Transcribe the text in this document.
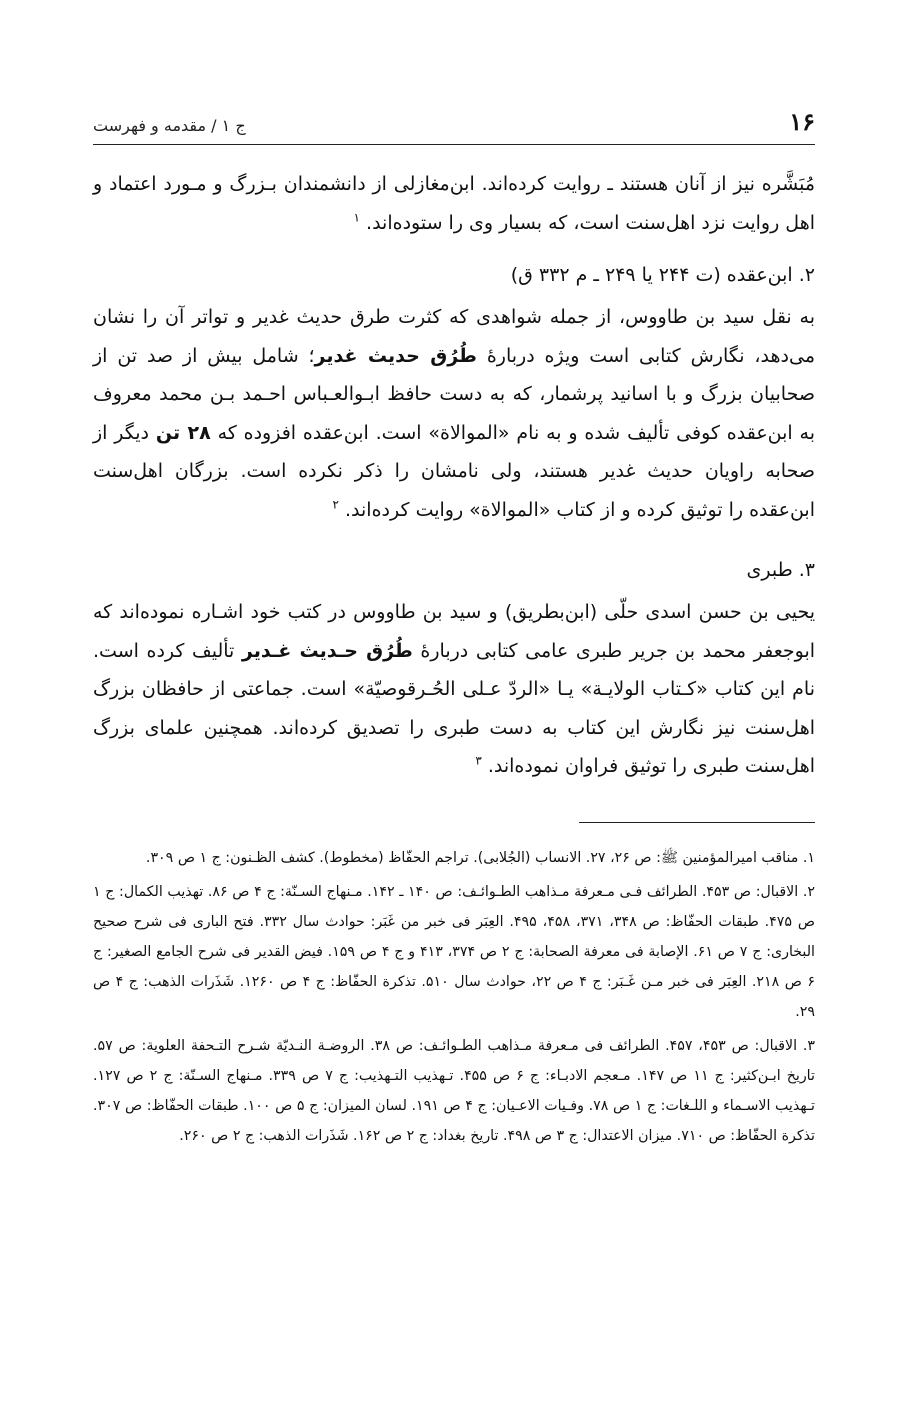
۱۶
ج ۱ / مقدمه و فهرست

مُبَشَّره نیز از آنان هستند ـ روایت کرده‌اند. ابن‌مغازلی از دانشمندان بـزرگ و مـورد اعتماد و اهل روایت نزد اهل‌سنت است، که بسیار وی را ستوده‌اند. $^۱$

۲. ابن‌عقده (ت ۲۴۴ یا ۲۴۹ ـ م ۳۳۲ ق)

به نقل سید بن طاووس، از جمله شواهدی که کثرت طرق حدیث غدیر و تواتر آن را نشان می‌دهد، نگارش کتابی است ویژه دربارهٔ طُرُق حدیث غدیر؛ شامل بیش از صد تن از صحابیان بزرگ و با اسانید پرشمار، که به دست حافظ ابـوالعـباس احـمد بـن محمد معروف به ابن‌عقده کوفی تألیف شده و به نام «الموالاة» است. ابن‌عقده افزوده که ۲۸ تن دیگر از صحابه راویان حدیث غدیر هستند، ولی نامشان را ذکر نکرده است. بزرگان اهل‌سنت ابن‌عقده را توثیق کرده و از کتاب «الموالاة» روایت کرده‌اند. $^۲$

۳. طبری

یحیی بن حسن اسدی حلّی (ابن‌بطریق) و سید بن طاووس در کتب خود اشـاره نموده‌اند که ابوجعفر محمد بن جریر طبری عامی کتابی دربارهٔ طُرُق حـدیث غـدیر تألیف کرده است. نام این کتاب «کـتاب الولایـة» یـا «الردّ عـلی الحُـرقوصیّة» است. جماعتی از حافظان بزرگ اهل‌سنت نیز نگارش این کتاب به دست طبری را تصدیق کرده‌اند. همچنین علمای بزرگ اهل‌سنت طبری را توثیق فراوان نموده‌اند. $^۳$

۱. مناقب امیرالمؤمنین ﷺ: ص ۲۶، ۲۷. الانساب (الجُلابی). تراجم الحفّاظ (مخطوط). کشف الظـنون: ج ۱ ص ۳۰۹.

۲. الاقبال: ص ۴۵۳. الطرائف فـی مـعرفة مـذاهب الطـوائـف: ص ۱۴۰ ـ ۱۴۲. مـنهاج السـنّة: ج ۴ ص ۸۶. تهذیب الکمال: ج ۱ ص ۴۷۵. طبقات الحفّاظ: ص ۳۴۸، ۳۷۱، ۴۵۸، ۴۹۵. العِبَر فی خبر من غَبَر: حوادث سال ۳۳۲. فتح الباری فی شرح صحیح البخاری: ج ۷ ص ۶۱. الإصابة فی معرفة الصحابة: ج ۲ ص ۳۷۴، ۴۱۳ و ج ۴ ص ۱۵۹. فیض القدیر فی شرح الجامع الصغیر: ج ۶ ص ۲۱۸. العِبَر فی خبر مـن غَـبَر: ج ۴ ص ۲۲، حوادث سال ۵۱۰. تذکرة الحفّاظ: ج ۴ ص ۱۲۶۰. شَذَرات الذهب: ج ۴ ص ۲۹.

۳. الاقبال: ص ۴۵۳، ۴۵۷. الطرائف فی مـعرفة مـذاهب الطـوائـف: ص ۳۸. الروضـة النـدیّة شـرح التـحفة العلویة: ص ۵۷. تاریخ ابـن‌کثیر: ج ۱۱ ص ۱۴۷. مـعجم الادبـاء: ج ۶ ص ۴۵۵. تـهذیب التـهذیب: ج ۷ ص ۳۳۹. مـنهاج السـنّة: ج ۲ ص ۱۲۷. تـهذیب الاسـماء و اللـغات: ج ۱ ص ۷۸. وفـیات الاعـیان: ج ۴ ص ۱۹۱. لسان المیزان: ج ۵ ص ۱۰۰. طبقات الحفّاظ: ص ۳۰۷. تذکرة الحفّاظ: ص ۷۱۰. میزان الاعتدال: ج ۳ ص ۴۹۸. تاریخ بغداد: ج ۲ ص ۱۶۲. شَذَرات الذهب: ج ۲ ص ۲۶۰.
